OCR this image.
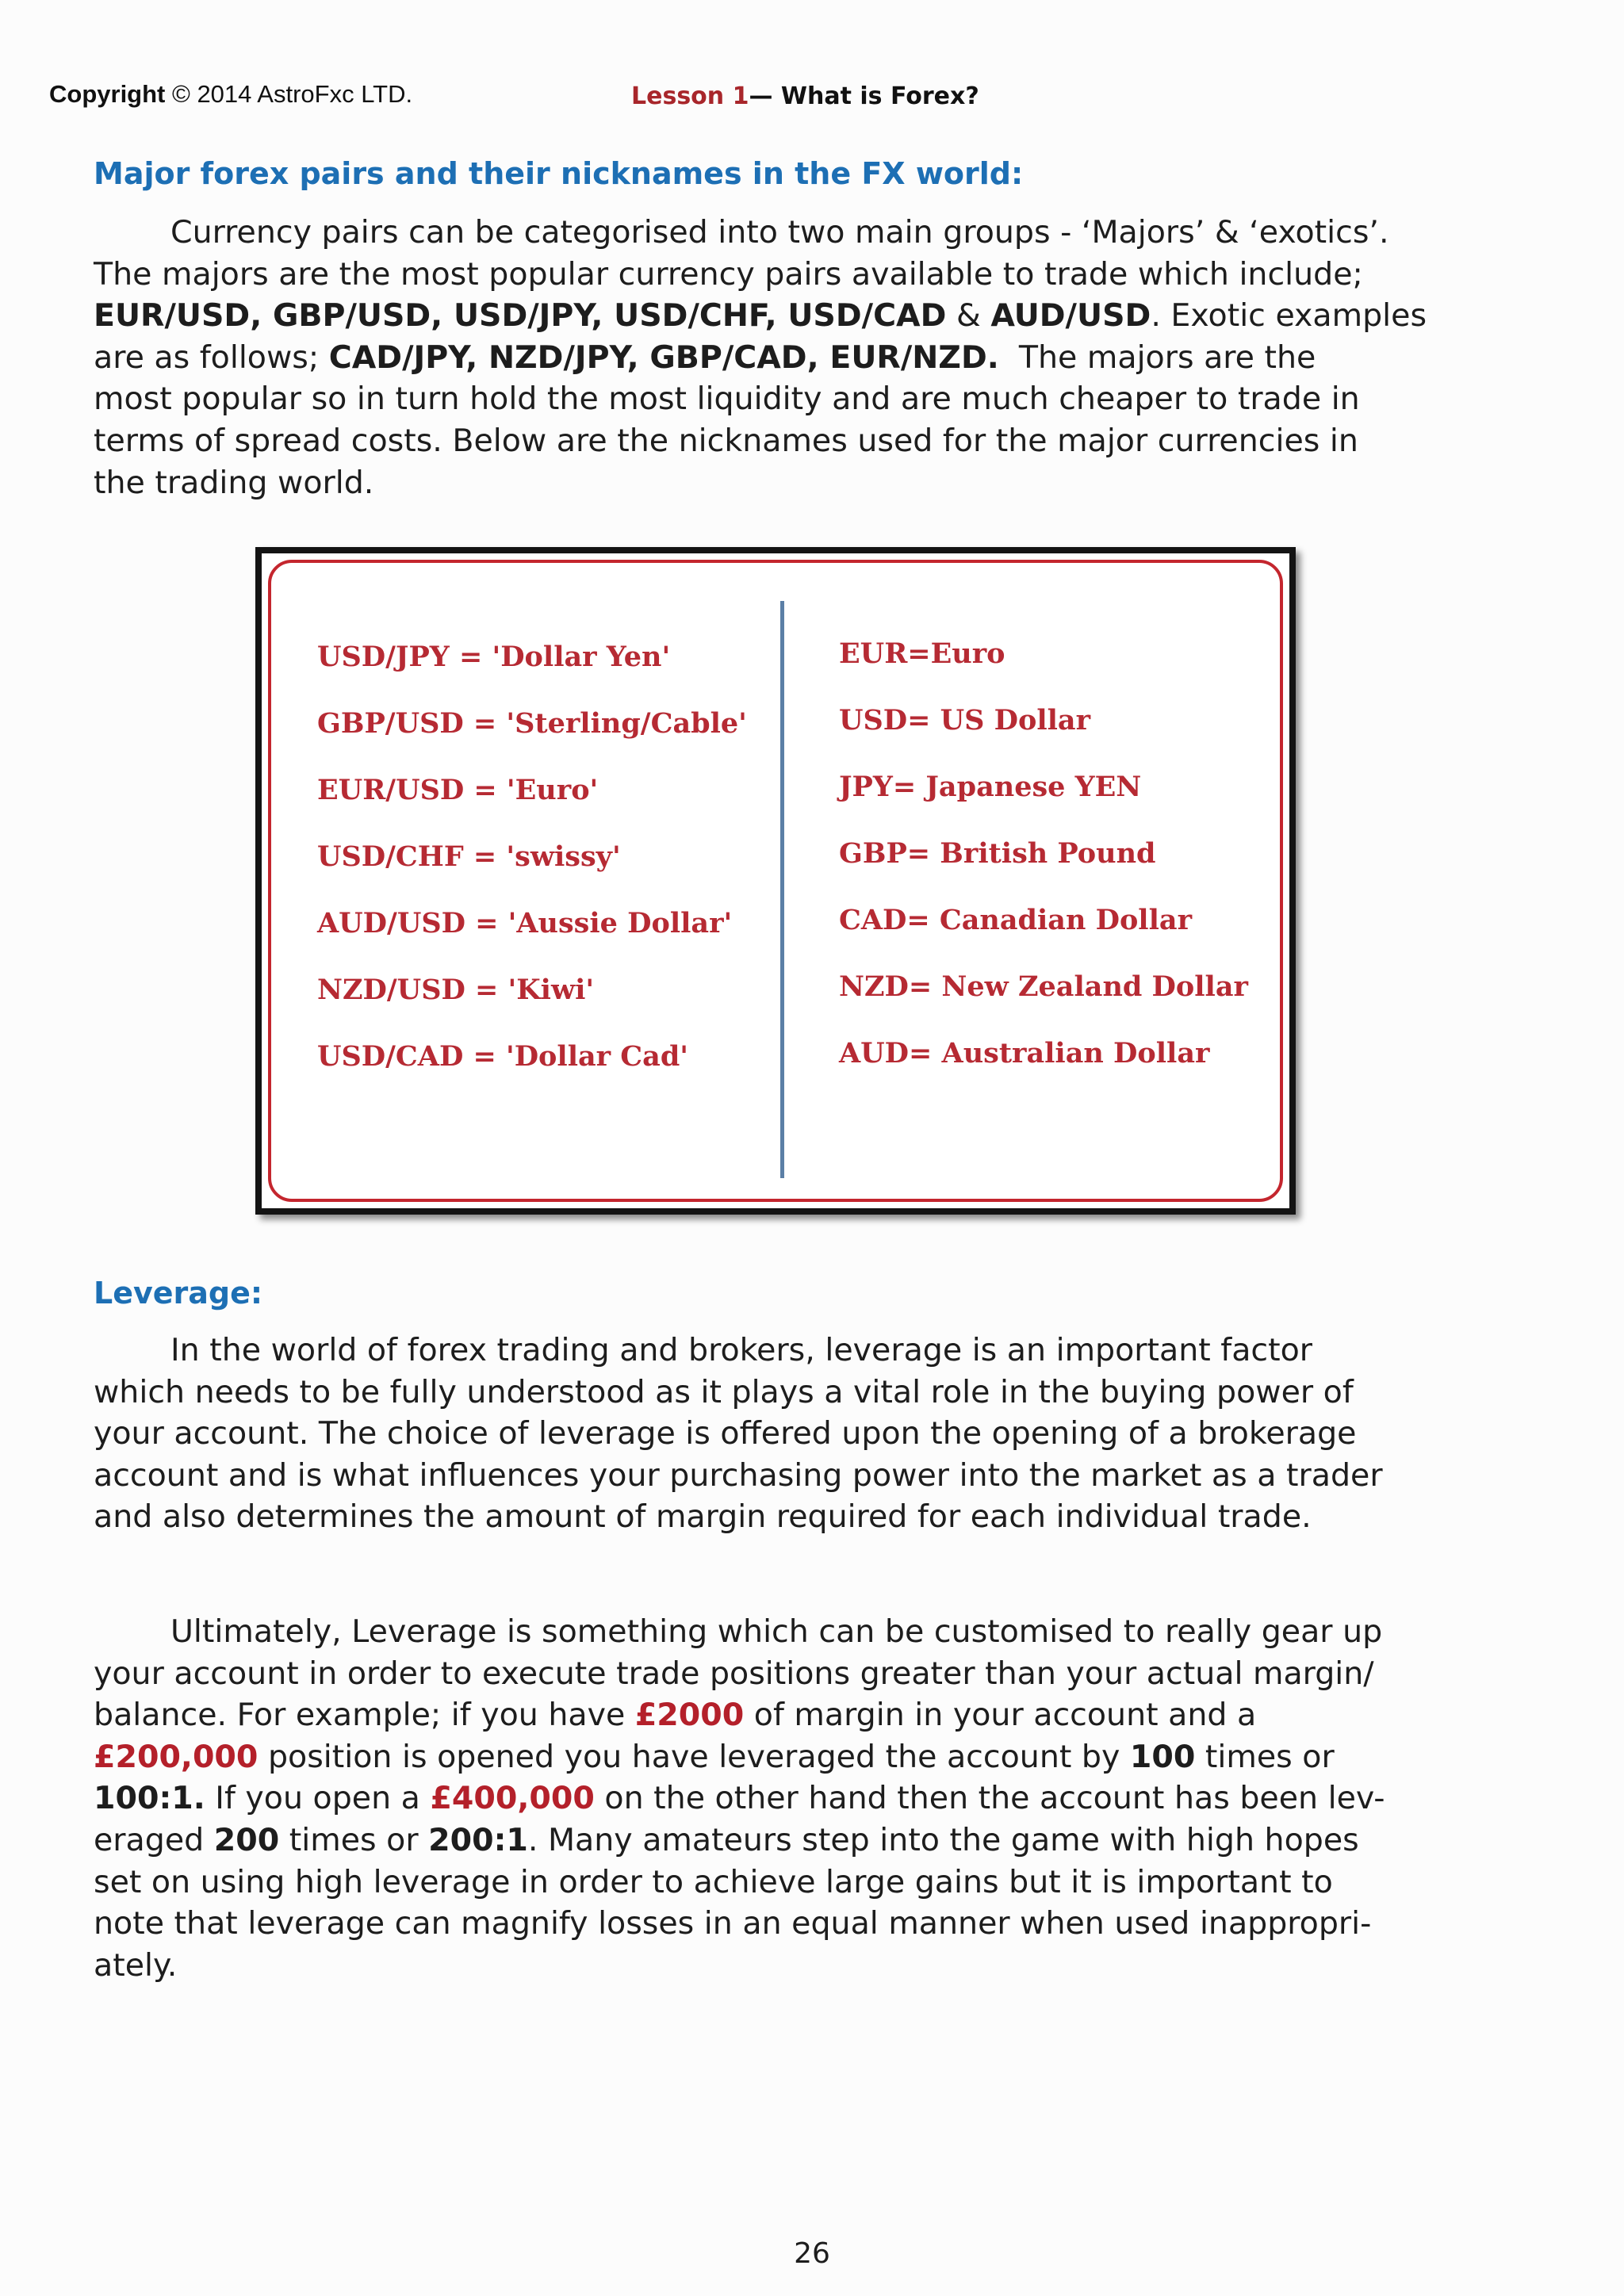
Copyright © 2014 AstroFxc LTD.	Lesson 1— What is Forex?
Major forex pairs and their nicknames in the FX world:
Currency pairs can be categorised into two main groups - ‘Majors’ & ‘exotics’.
The majors are the most popular currency pairs available to trade which include;
EUR/USD, GBP/USD, USD/JPY, USD/CHF, USD/CAD & AUD/USD. Exotic examples
are as follows; CAD/JPY, NZD/JPY, GBP/CAD, EUR/NZD.  The majors are the
most popular so in turn hold the most liquidity and are much cheaper to trade in
terms of spread costs. Below are the nicknames used for the major currencies in
the trading world.
USD/JPY = 'Dollar Yen'
GBP/USD = 'Sterling/Cable'
EUR/USD = 'Euro'
USD/CHF = 'swissy'
AUD/USD = 'Aussie Dollar'
NZD/USD = 'Kiwi'
USD/CAD = 'Dollar Cad'
EUR=Euro
USD= US Dollar
JPY= Japanese YEN
GBP= British Pound
CAD= Canadian Dollar
NZD= New Zealand Dollar
AUD= Australian Dollar
Leverage:
In the world of forex trading and brokers, leverage is an important factor
which needs to be fully understood as it plays a vital role in the buying power of
your account. The choice of leverage is offered upon the opening of a brokerage
account and is what influences your purchasing power into the market as a trader
and also determines the amount of margin required for each individual trade.
Ultimately, Leverage is something which can be customised to really gear up
your account in order to execute trade positions greater than your actual margin/
balance. For example; if you have £2000 of margin in your account and a
£200,000 position is opened you have leveraged the account by 100 times or
100:1. If you open a £400,000 on the other hand then the account has been lev-
eraged 200 times or 200:1. Many amateurs step into the game with high hopes
set on using high leverage in order to achieve large gains but it is important to
note that leverage can magnify losses in an equal manner when used inappropri-
ately.
26
